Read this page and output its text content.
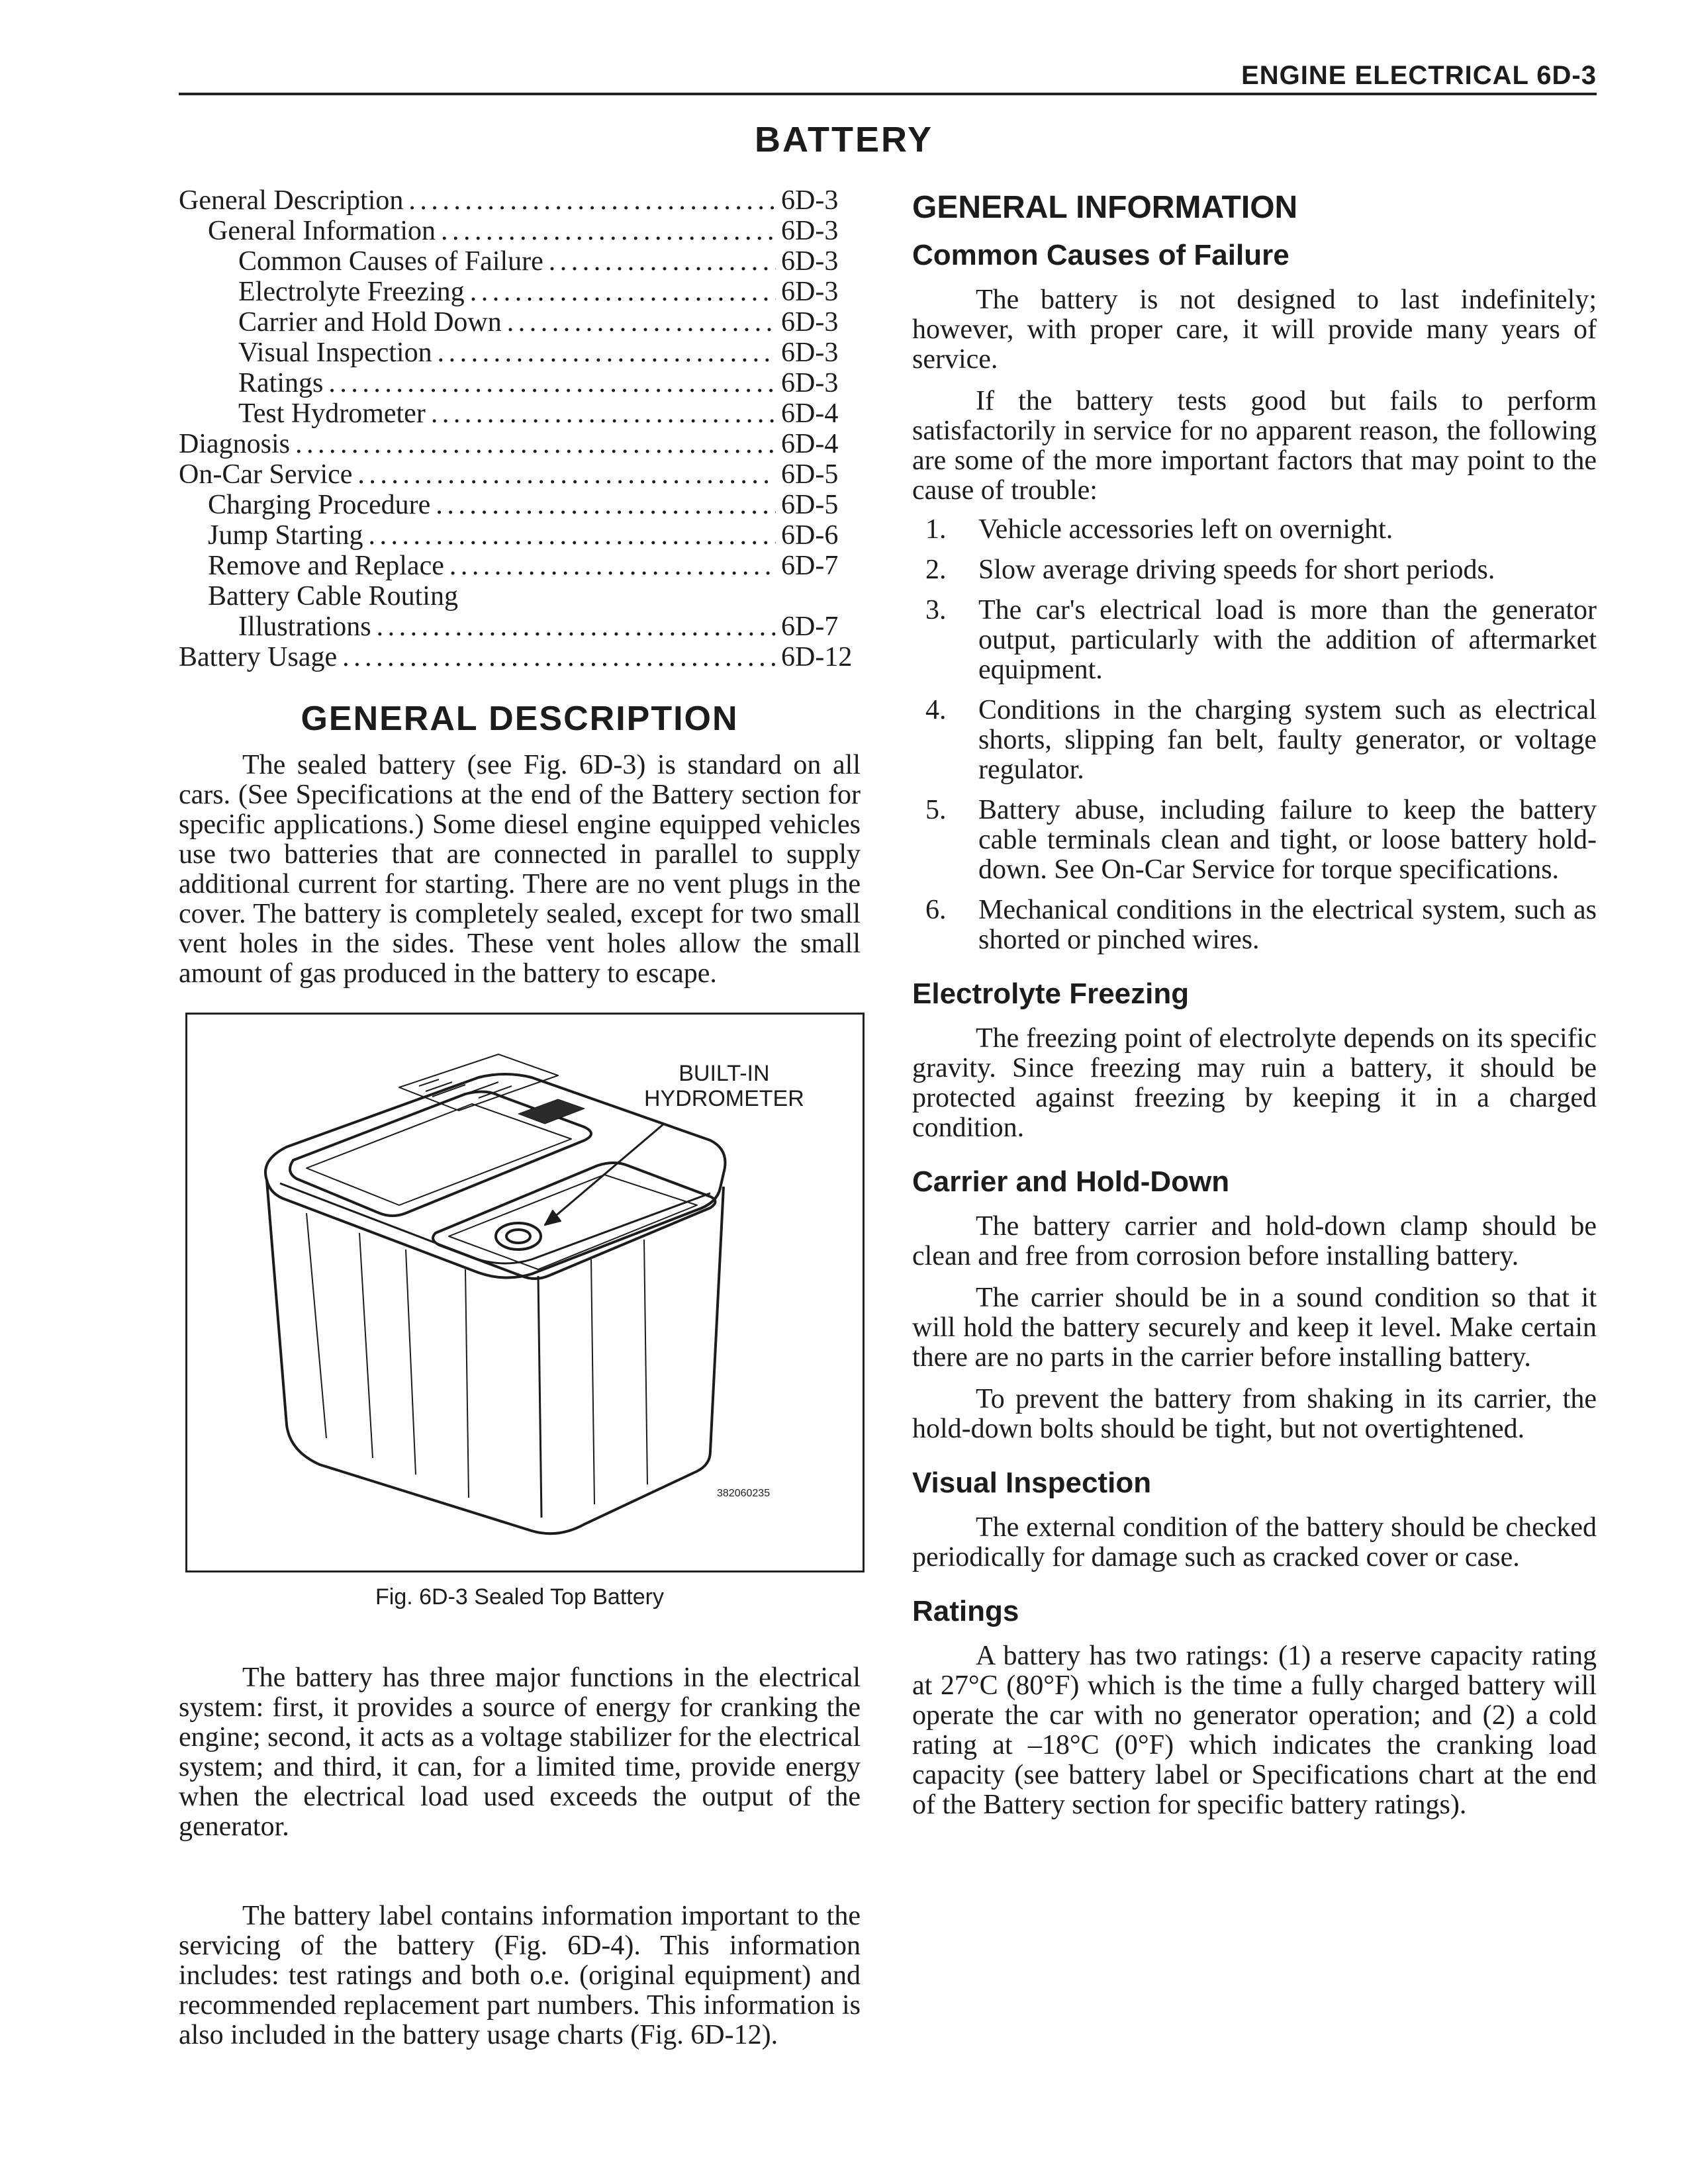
ENGINE ELECTRICAL 6D-3
BATTERY
General Description . . .	6D-3
General Information . . .	6D-3
Common Causes of Failure . . .	6D-3
Electrolyte Freezing . . .	6D-3
Carrier and Hold Down . . .	6D-3
Visual Inspection . . .	6D-3
Ratings . . .	6D-3
Test Hydrometer . . .	6D-4
Diagnosis . . .	6D-4
On-Car Service . . .	6D-5
Charging Procedure . . .	6D-5
Jump Starting . . .	6D-6
Remove and Replace . . .	6D-7
Battery Cable Routing
Illustrations . . .	6D-7
Battery Usage . . .	6D-12
GENERAL DESCRIPTION

The sealed battery (see Fig. 6D-3) is standard on all cars. (See Specifications at the end of the Battery section for specific applications.) Some diesel engine equipped vehicles use two batteries that are connected in parallel to supply additional current for starting. There are no vent plugs in the cover. The battery is completely sealed, except for two small vent holes in the sides. These vent holes allow the small amount of gas produced in the battery to escape.

BUILT-IN
HYDROMETER
382060235
Fig. 6D-3 Sealed Top Battery

The battery has three major functions in the electrical system: first, it provides a source of energy for cranking the engine; second, it acts as a voltage stabilizer for the electrical system; and third, it can, for a limited time, provide energy when the electrical load used exceeds the output of the generator.

The battery label contains information important to the servicing of the battery (Fig. 6D-4). This information includes: test ratings and both o.e. (original equipment) and recommended replacement part numbers. This information is also included in the battery usage charts (Fig. 6D-12).

GENERAL INFORMATION
Common Causes of Failure

The battery is not designed to last indefinitely; however, with proper care, it will provide many years of service.

If the battery tests good but fails to perform satisfactorily in service for no apparent reason, the following are some of the more important factors that may point to the cause of trouble:

1. Vehicle accessories left on overnight.
2. Slow average driving speeds for short periods.
3. The car's electrical load is more than the generator output, particularly with the addition of aftermarket equipment.
4. Conditions in the charging system such as electrical shorts, slipping fan belt, faulty generator, or voltage regulator.
5. Battery abuse, including failure to keep the battery cable terminals clean and tight, or loose battery hold-down. See On-Car Service for torque specifications.
6. Mechanical conditions in the electrical system, such as shorted or pinched wires.
Electrolyte Freezing

The freezing point of electrolyte depends on its specific gravity. Since freezing may ruin a battery, it should be protected against freezing by keeping it in a charged condition.

Carrier and Hold-Down

The battery carrier and hold-down clamp should be clean and free from corrosion before installing battery.

The carrier should be in a sound condition so that it will hold the battery securely and keep it level. Make certain there are no parts in the carrier before installing battery.

To prevent the battery from shaking in its carrier, the hold-down bolts should be tight, but not overtightened.

Visual Inspection

The external condition of the battery should be checked periodically for damage such as cracked cover or case.

Ratings

A battery has two ratings: (1) a reserve capacity rating at 27°C (80°F) which is the time a fully charged battery will operate the car with no generator operation; and (2) a cold rating at –18°C (0°F) which indicates the cranking load capacity (see battery label or Specifications chart at the end of the Battery section for specific battery ratings).
